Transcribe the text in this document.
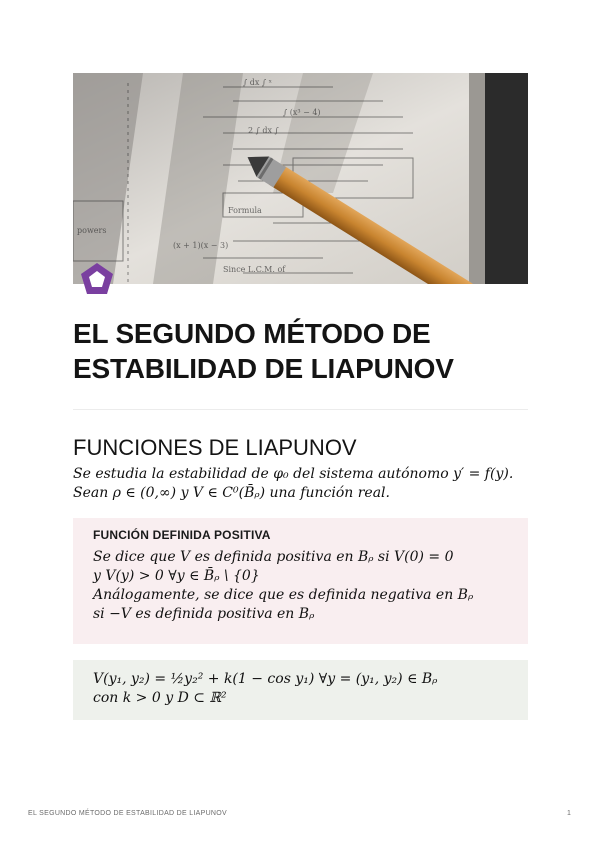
∫ dx ∫ ˣ
∫ (x³ − 4)
2 ∫ dx ∫
Formula
(x + 1)(x − 3)
Since L.C.M. of
powers
EL SEGUNDO MÉTODO DE ESTABILIDAD DE LIAPUNOV
FUNCIONES DE LIAPUNOV
Se estudia la estabilidad de φ₀ del sistema autónomo y′ = f(y).
Sean ρ ∈ (0,∞) y V ∈ C⁰(B̄ᵨ) una función real.
FUNCIÓN DEFINIDA POSITIVA
Se dice que V es definida positiva en Bᵨ si V(0) = 0
y V(y) > 0 ∀y ∈ B̄ᵨ \ {0}
Análogamente, se dice que es definida negativa en Bᵨ
si −V es definida positiva en Bᵨ
V(y₁, y₂) = ½y₂² + k(1 − cos y₁) ∀y = (y₁, y₂) ∈ Bᵨ
con k > 0 y D ⊂ ℝ²
EL SEGUNDO MÉTODO DE ESTABILIDAD DE LIAPUNOV	1
